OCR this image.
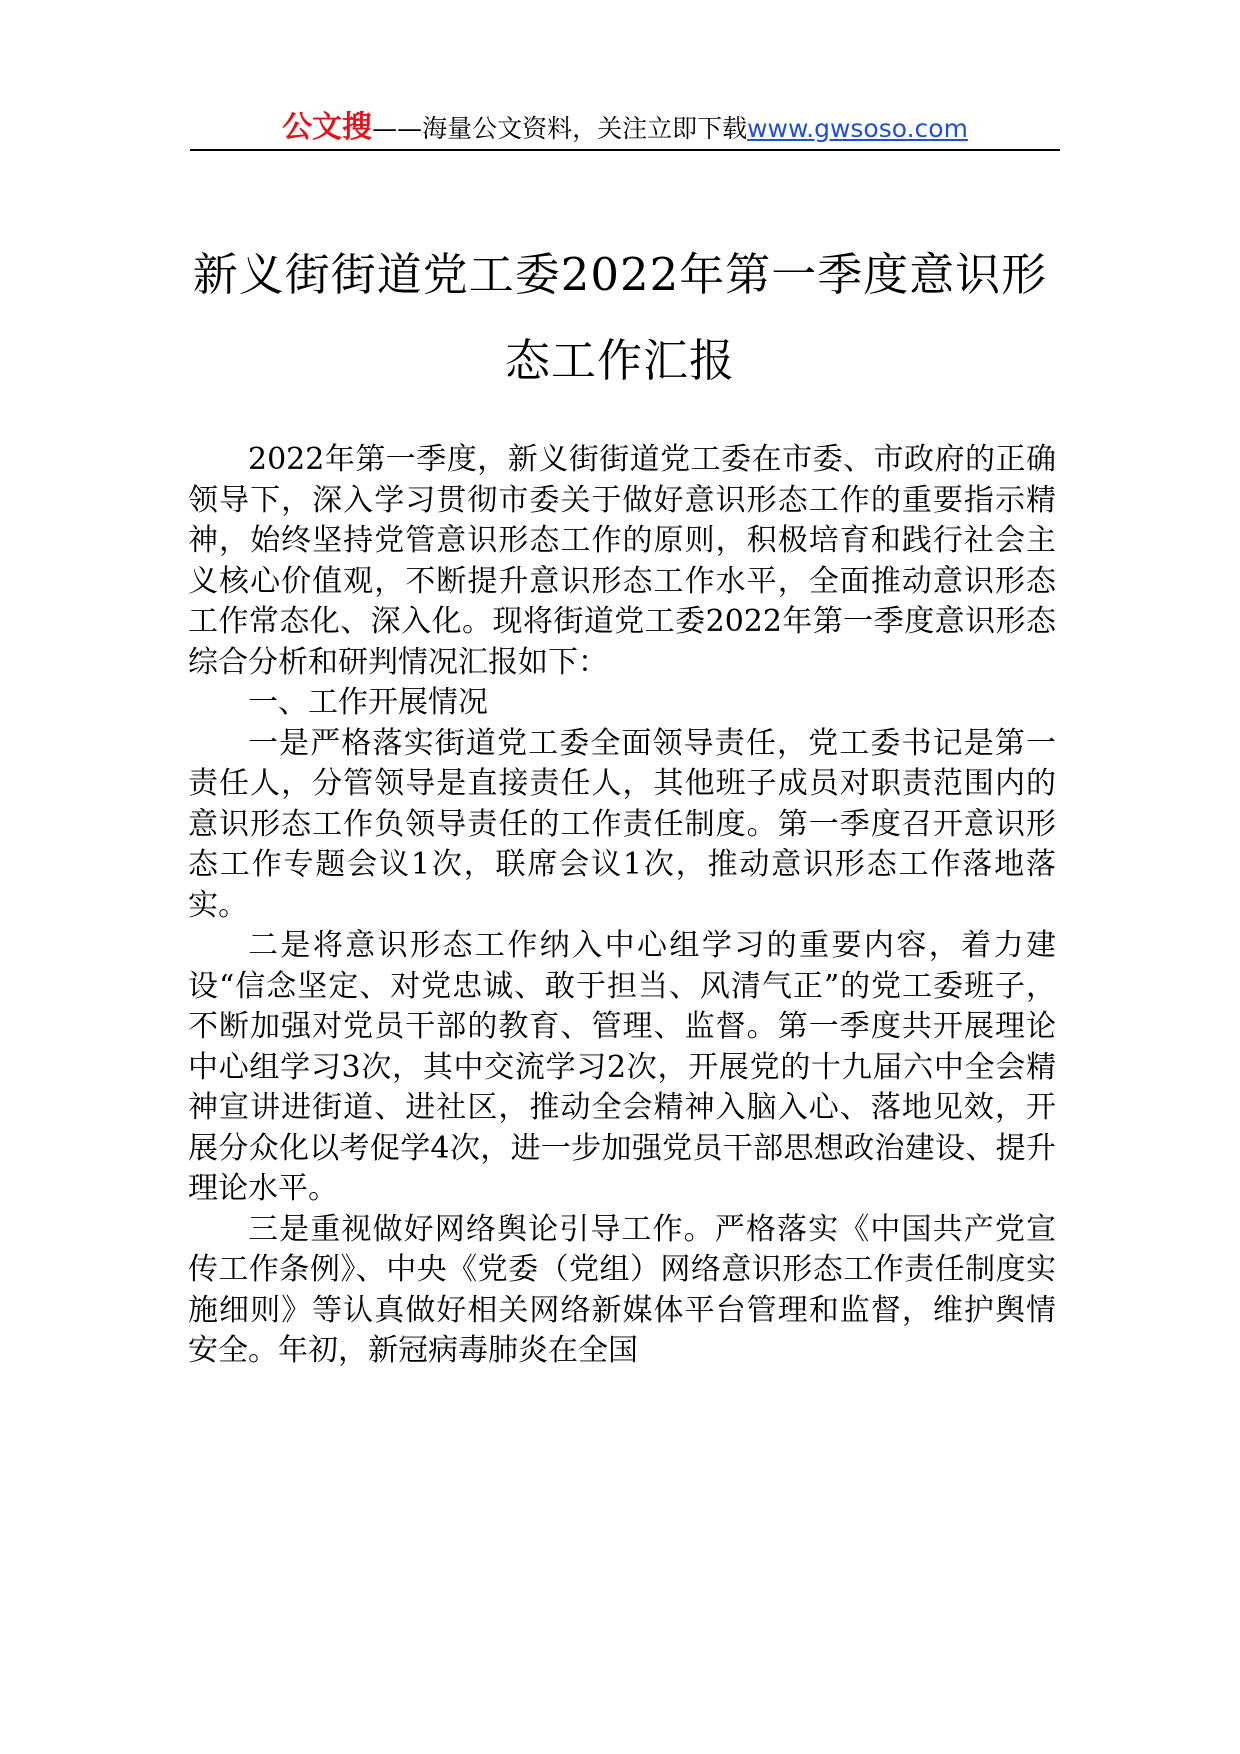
公文搜——海量公文资料，关注立即下载www.gwsoso.com
新义街街道党工委2022年第一季度意识形
态工作汇报

2022年第一季度，新义街街道党工委在市委、市政府的正确领导下，深入学习贯彻市委关于做好意识形态工作的重要指示精神，始终坚持党管意识形态工作的原则，积极培育和践行社会主义核心价值观，不断提升意识形态工作水平，全面推动意识形态工作常态化、深入化。现将街道党工委2022年第一季度意识形态综合分析和研判情况汇报如下：

一、工作开展情况

一是严格落实街道党工委全面领导责任，党工委书记是第一责任人，分管领导是直接责任人，其他班子成员对职责范围内的意识形态工作负领导责任的工作责任制度。第一季度召开意识形态工作专题会议1次，联席会议1次，推动意识形态工作落地落实。

二是将意识形态工作纳入中心组学习的重要内容，着力建设“信念坚定、对党忠诚、敢于担当、风清气正”的党工委班子，不断加强对党员干部的教育、管理、监督。第一季度共开展理论中心组学习3次，其中交流学习2次，开展党的十九届六中全会精神宣讲进街道、进社区，推动全会精神入脑入心、落地见效，开展分众化以考促学4次，进一步加强党员干部思想政治建设、提升理论水平。

三是重视做好网络舆论引导工作。严格落实《中国共产党宣传工作条例》、中央《党委（党组）网络意识形态工作责任制度实施细则》等认真做好相关网络新媒体平台管理和监督，维护舆情安全。年初，新冠病毒肺炎在全国
